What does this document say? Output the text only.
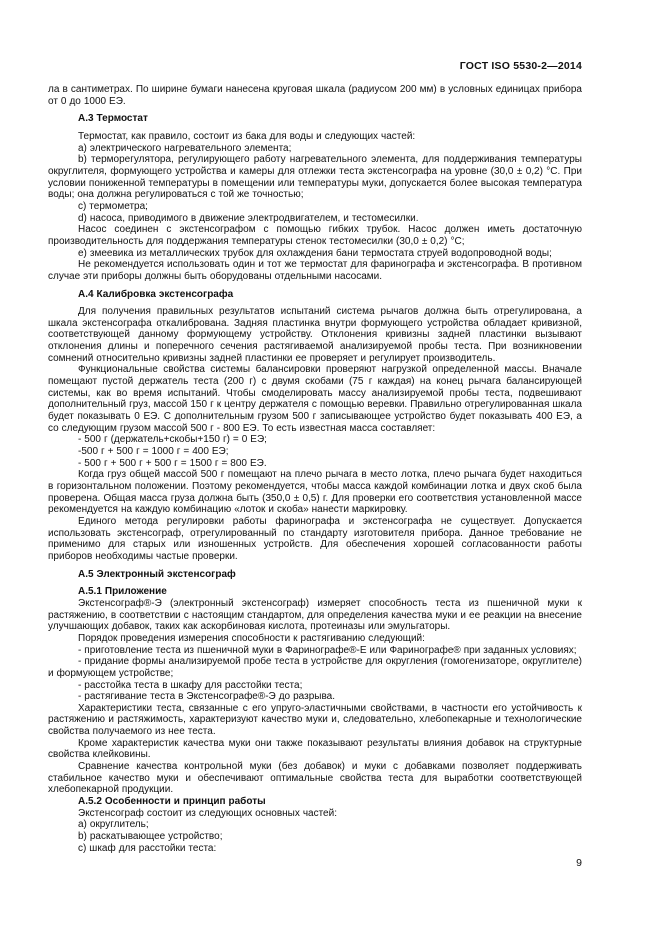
ГОСТ ISO 5530-2—2014

ла в сантиметрах. По ширине бумаги нанесена круговая шкала (радиусом 200 мм) в условных единицах прибора от 0 до 1000 ЕЭ.

А.3 Термостат

Термостат, как правило, состоит из бака для воды и следующих частей:

a) электрического нагревательного элемента;

b) терморегулятора, регулирующего работу нагревательного элемента, для поддерживания температуры округлителя, формующего устройства и камеры для отлежки теста экстенсографа на уровне (30,0 ± 0,2) °С. При условии пониженной температуры в помещении или температуры муки, допускается более высокая температура воды; она должна регулироваться с той же точностью;

c) термометра;

d) насоса, приводимого в движение электродвигателем, и тестомесилки.

Насос соединен с экстенсографом с помощью гибких трубок. Насос должен иметь достаточную производительность для поддержания температуры стенок тестомесилки (30,0 ± 0,2) °С;

e) змеевика из металлических трубок для охлаждения бани термостата струей водопроводной воды;

Не рекомендуется использовать один и тот же термостат для фаринографа и экстенсографа. В противном случае эти приборы должны быть оборудованы отдельными насосами.

А.4 Калибровка экстенсографа

Для получения правильных результатов испытаний система рычагов должна быть отрегулирована, а шкала экстенсографа откалибрована. Задняя пластинка внутри формующего устройства обладает кривизной, соответствующей данному формующему устройству. Отклонения кривизны задней пластинки вызывают отклонения длины и поперечного сечения растягиваемой анализируемой пробы теста. При возникновении сомнений относительно кривизны задней пластинки ее проверяет и регулирует производитель.

Функциональные свойства системы балансировки проверяют нагрузкой определенной массы. Вначале помещают пустой держатель теста (200 г) с двумя скобами (75 г каждая) на конец рычага балансирующей системы, как во время испытаний. Чтобы смоделировать массу анализируемой пробы теста, подвешивают дополнительный груз, массой 150 г к центру держателя с помощью веревки. Правильно отрегулированная шкала будет показывать 0 ЕЭ. С дополнительным грузом 500 г записывающее устройство будет показывать 400 ЕЭ, а со следующим грузом массой 500 г - 800 ЕЭ. То есть известная масса составляет:

- 500 г (держатель+скобы+150 г) = 0 ЕЭ;

-500 г + 500 г = 1000 г = 400 ЕЭ;

- 500 г + 500 г + 500 г = 1500 г = 800 ЕЭ.

Когда груз общей массой 500 г помещают на плечо рычага в место лотка, плечо рычага будет находиться в горизонтальном положении. Поэтому рекомендуется, чтобы масса каждой комбинации лотка и двух скоб была проверена. Общая масса груза должна быть (350,0 ± 0,5) г. Для проверки его соответствия установленной массе рекомендуется на каждую комбинацию «лоток и скоба» нанести маркировку.

Единого метода регулировки работы фаринографа и экстенсографа не существует. Допускается использовать экстенсограф, отрегулированный по стандарту изготовителя прибора. Данное требование не применимо для старых или изношенных устройств. Для обеспечения хорошей согласованности работы приборов необходимы частые проверки.

А.5 Электронный экстенсограф

А.5.1 Приложение

Экстенсограф®-Э (электронный экстенсограф) измеряет способность теста из пшеничной муки к растяжению, в соответствии с настоящим стандартом, для определения качества муки и ее реакции на внесение улучшающих добавок, таких как аскорбиновая кислота, протеиназы или эмульгаторы.

Порядок проведения измерения способности к растягиванию следующий:

- приготовление теста из пшеничной муки в Фаринографе®-Е или Фаринографе® при заданных условиях;

- придание формы анализируемой пробе теста в устройстве для округления (гомогенизаторе, округлителе) и формующем устройстве;

- расстойка теста в шкафу для расстойки теста;

- растягивание теста в Экстенсографе®-Э до разрыва.

Характеристики теста, связанные с его упруго-эластичными свойствами, в частности его устойчивость к растяжению и растяжимость, характеризуют качество муки и, следовательно, хлебопекарные и технологические свойства получаемого из нее теста.

Кроме характеристик качества муки они также показывают результаты влияния добавок на структурные свойства клейковины.

Сравнение качества контрольной муки (без добавок) и муки с добавками позволяет поддерживать стабильное качество муки и обеспечивают оптимальные свойства теста для выработки соответствующей хлебопекарной продукции.

А.5.2 Особенности и принцип работы

Экстенсограф состоит из следующих основных частей:

a) округлитель;

b) раскатывающее устройство;

c) шкаф для расстойки теста:

9
